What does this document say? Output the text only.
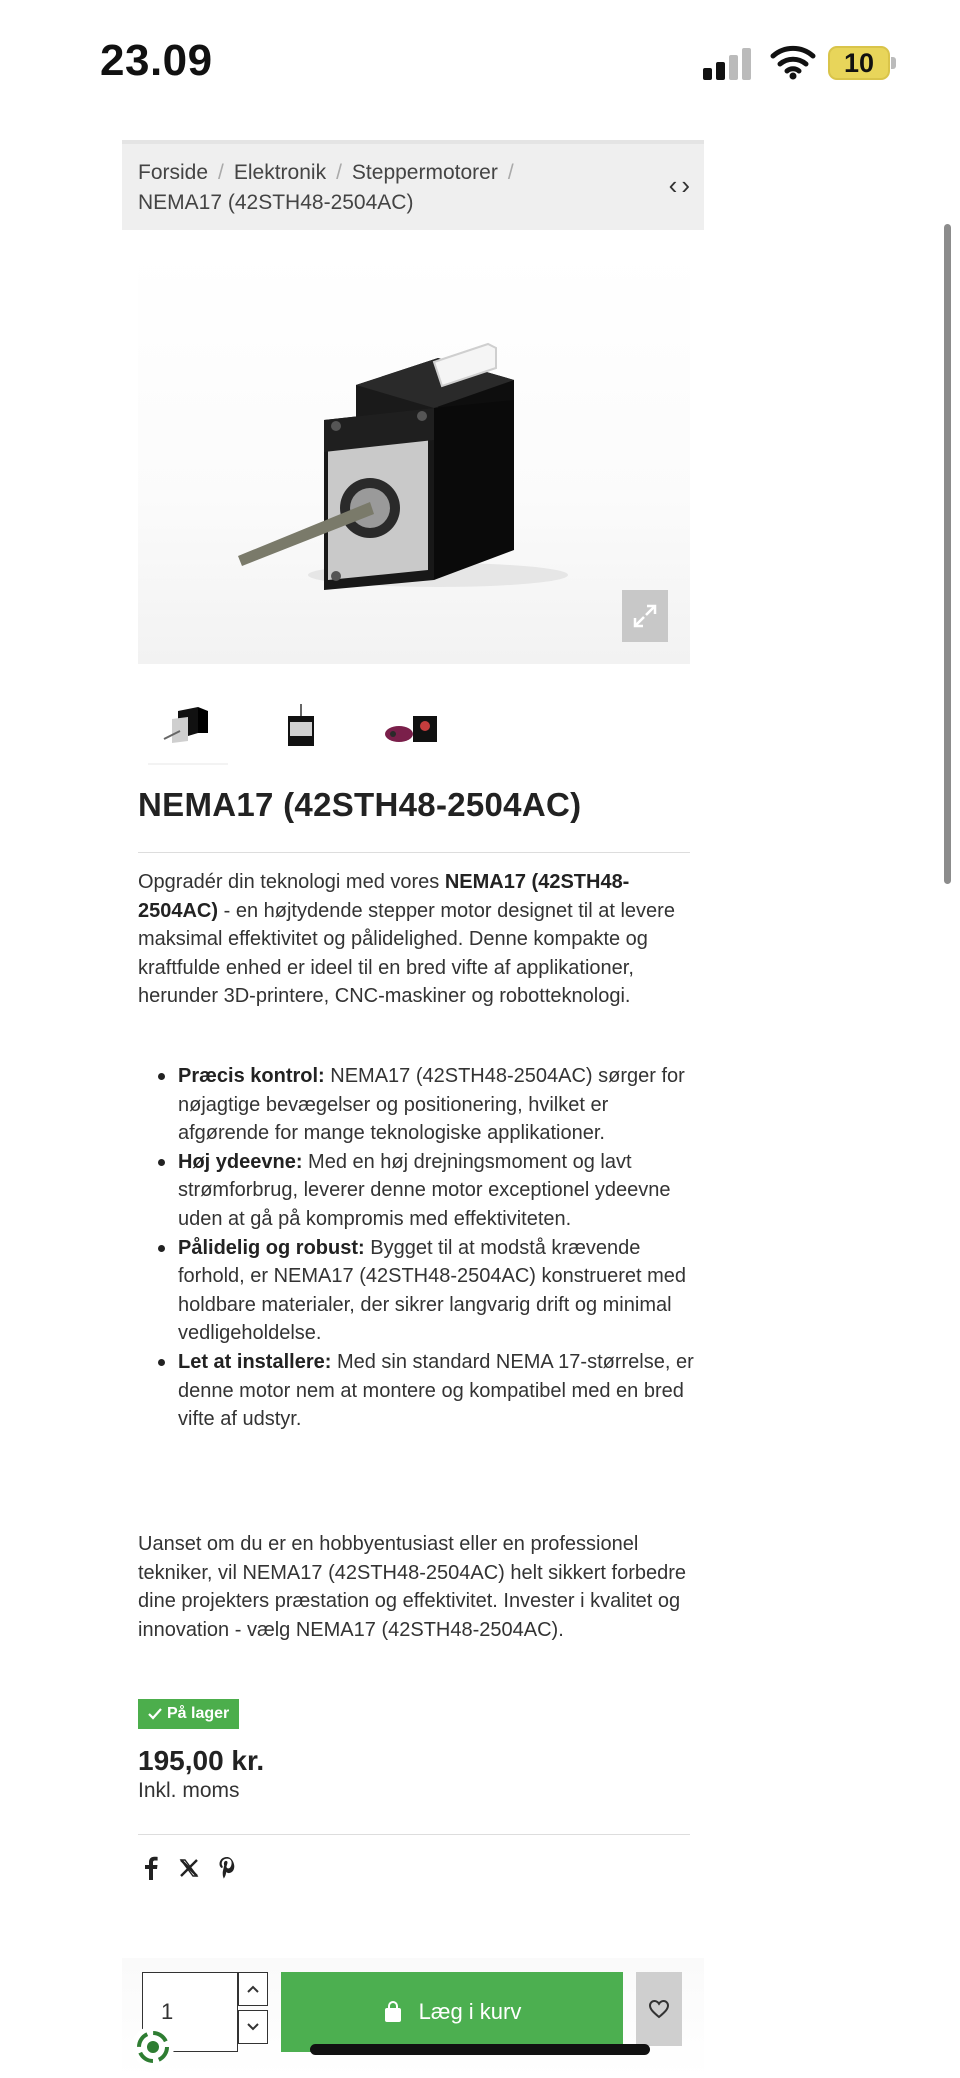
23.09	10
Forside / Elektronik / Steppermotorer /
NEMA17 (42STH48-2504AC)
‹ ›
NEMA17 (42STH48-2504AC)

Opgradér din teknologi med vores NEMA17 (42STH48-2504AC) - en højtydende stepper motor designet til at levere maksimal effektivitet og pålidelighed. Denne kompakte og kraftfulde enhed er ideel til en bred vifte af applikationer, herunder 3D-printere, CNC-maskiner og robotteknologi.

Præcis kontrol: NEMA17 (42STH48-2504AC) sørger for nøjagtige bevægelser og positionering, hvilket er afgørende for mange teknologiske applikationer.
Høj ydeevne: Med en høj drejningsmoment og lavt strømforbrug, leverer denne motor exceptionel ydeevne uden at gå på kompromis med effektiviteten.
Pålidelig og robust: Bygget til at modstå krævende forhold, er NEMA17 (42STH48-2504AC) konstrueret med holdbare materialer, der sikrer langvarig drift og minimal vedligeholdelse.
Let at installere: Med sin standard NEMA 17-størrelse, er denne motor nem at montere og kompatibel med en bred vifte af udstyr.

Uanset om du er en hobbyentusiast eller en professionel tekniker, vil NEMA17 (42STH48-2504AC) helt sikkert forbedre dine projekters præstation og effektivitet. Invester i kvalitet og innovation - vælg NEMA17 (42STH48-2504AC).

På lager
195,00 kr.
Inkl. moms
1
Læg i kurv
